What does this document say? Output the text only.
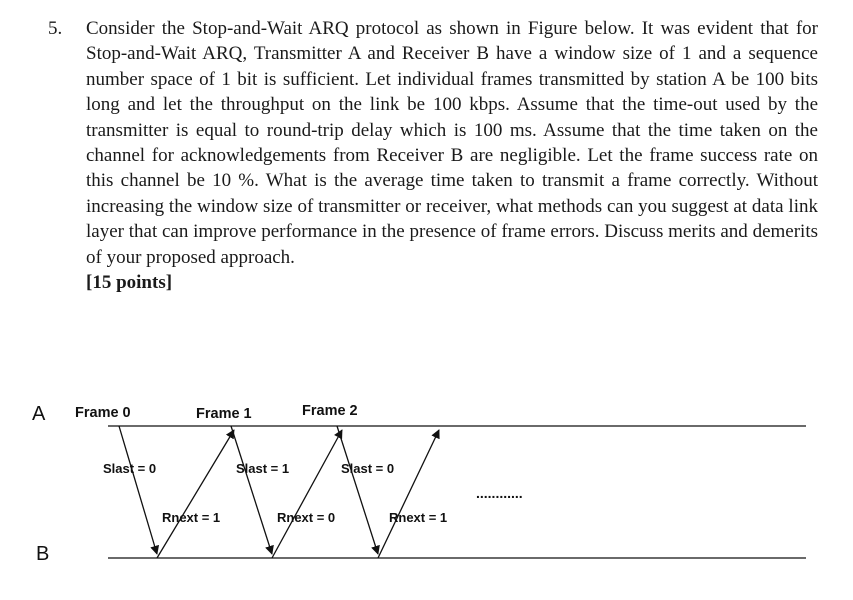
5. Consider the Stop-and-Wait ARQ protocol as shown in Figure below. It was evident that for Stop-and-Wait ARQ, Transmitter A and Receiver B have a window size of 1 and a sequence number space of 1 bit is sufficient. Let individual frames transmitted by station A be 100 bits long and let the throughput on the link be 100 kbps. Assume that the time-out used by the transmitter is equal to round-trip delay which is 100 ms. Assume that the time taken on the channel for acknowledgements from Receiver B are negligible. Let the frame success rate on this channel be 10 %. What is the average time taken to transmit a frame correctly. Without increasing the window size of transmitter or receiver, what methods can you suggest at data link layer that can improve performance in the presence of frame errors. Discuss merits and demerits of your proposed approach.
[15 points]
A
B
Frame 0	Frame 1	Frame 2
Slast = 0	Slast = 1	Slast = 0
Rnext = 1	Rnext = 0	Rnext = 1
............
